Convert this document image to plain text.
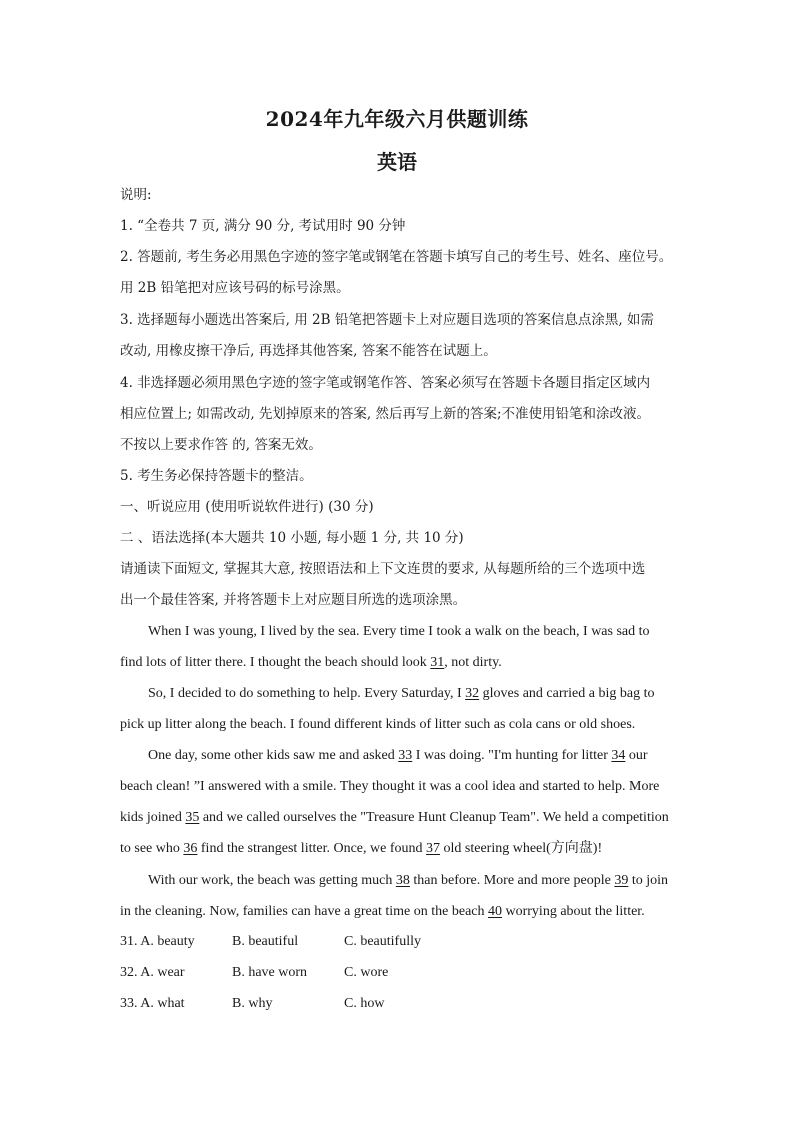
2024年九年级六月供题训练
英语
说明:
1. “全卷共 7 页, 满分 90 分, 考试用时 90 分钟
2. 答题前, 考生务必用黑色字迹的签字笔或钢笔在答题卡填写自己的考生号、姓名、座位号。
用 2B 铅笔把对应该号码的标号涂黑。
3. 选择题每小题选出答案后, 用 2B 铅笔把答题卡上对应题目选项的答案信息点涂黑, 如需
改动, 用橡皮擦干净后, 再选择其他答案, 答案不能答在试题上。
4. 非选择题必须用黑色字迹的签字笔或钢笔作答、答案必须写在答题卡各题目指定区域内
相应位置上; 如需改动, 先划掉原来的答案, 然后再写上新的答案;不准使用铅笔和涂改液。
不按以上要求作答 的, 答案无效。
5. 考生务必保持答题卡的整洁。
一、听说应用 (使用听说软件进行) (30 分)
二 、语法选择(本大题共 10 小题, 每小题 1 分, 共 10 分)
请通读下面短文, 掌握其大意, 按照语法和上下文连贯的要求, 从每题所给的三个选项中选
出一个最佳答案, 并将答题卡上对应题目所选的选项涂黑。
When I was young, I lived by the sea. Every time I took a walk on the beach, I was sad to
find lots of litter there. I thought the beach should look 31, not dirty.
So, I decided to do something to help. Every Saturday, I 32 gloves and carried a big bag to
pick up litter along the beach. I found different kinds of litter such as cola cans or old shoes.
One day, some other kids saw me and asked 33 I was doing. "I'm hunting for litter 34 our
beach clean! ”I answered with a smile. They thought it was a cool idea and started to help. More
kids joined 35 and we called ourselves the "Treasure Hunt Cleanup Team". We held a competition
to see who 36 find the strangest litter. Once, we found 37 old steering wheel(方向盘)!
With our work, the beach was getting much 38 than before. More and more people 39 to join
in the cleaning. Now, families can have a great time on the beach 40 worrying about the litter.
31. A. beauty	B. beautiful	C. beautifully
32. A. wear	B. have worn	C. wore
33. A. what	B. why	C. how
